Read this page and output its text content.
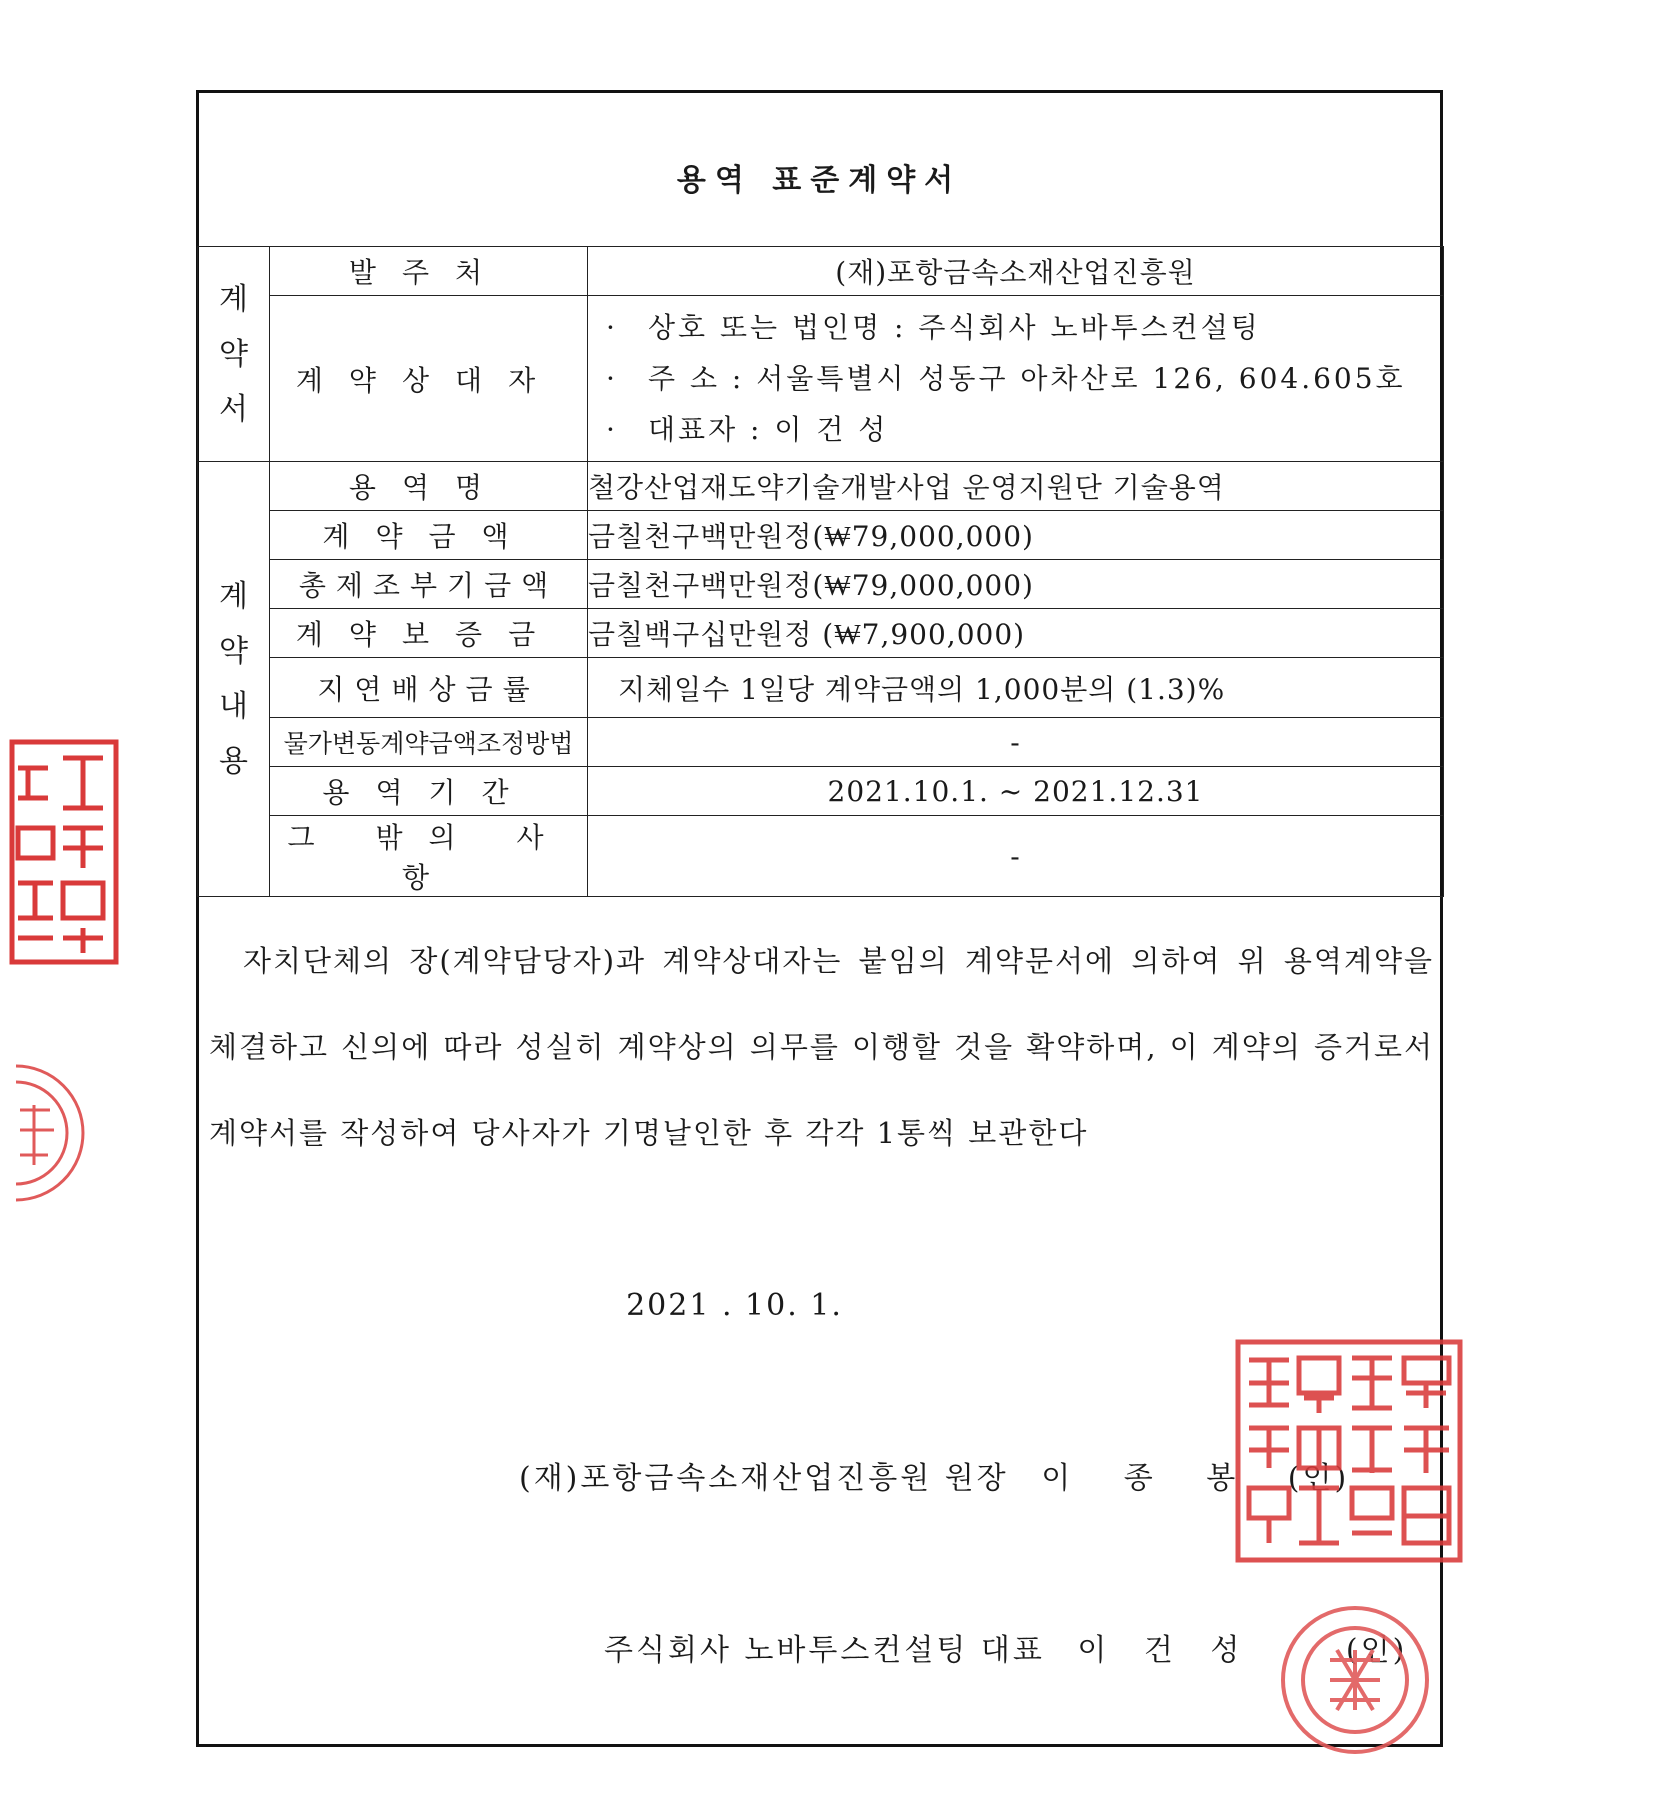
용역 표준계약서
계
약
서	발주처	(재)포항금속소재산업진흥원
	계약상대자	· 상호 또는 법인명 : 주식회사 노바투스컨설팅
· 주 소 : 서울특별시 성동구 아차산로 126, 604.605호
· 대표자 : 이 건 성

계
약
내
용	용역명	철강산업재도약기술개발사업 운영지원단 기술용역
	계약금액	금칠천구백만원정(₩79,000,000)
	총제조부기금액	금칠천구백만원정(₩79,000,000)
	계약보증금	금칠백구십만원정 (₩7,900,000)
	지연배상금률	지체일수 1일당 계약금액의 1,000분의 (1.3)%
	물가변동계약금액조정방법	-
	용역기간	2021.10.1. ~ 2021.12.31
	그 밖의 사항	-
자치단체의 장(계약담당자)과 계약상대자는 붙임의 계약문서에 의하여 위 용역계약을 체결하고 신의에 따라 성실히 계약상의 의무를 이행할 것을 확약하며, 이 계약의 증거로서 계약서를 작성하여 당사자가 기명날인한 후 각각 1통씩 보관한다
2021 . 10. 1.
(재)포항금속소재산업진흥원 원장 이 종 봉 (인)
주식회사 노바투스컨설팅 대표 이 건 성	(인)
